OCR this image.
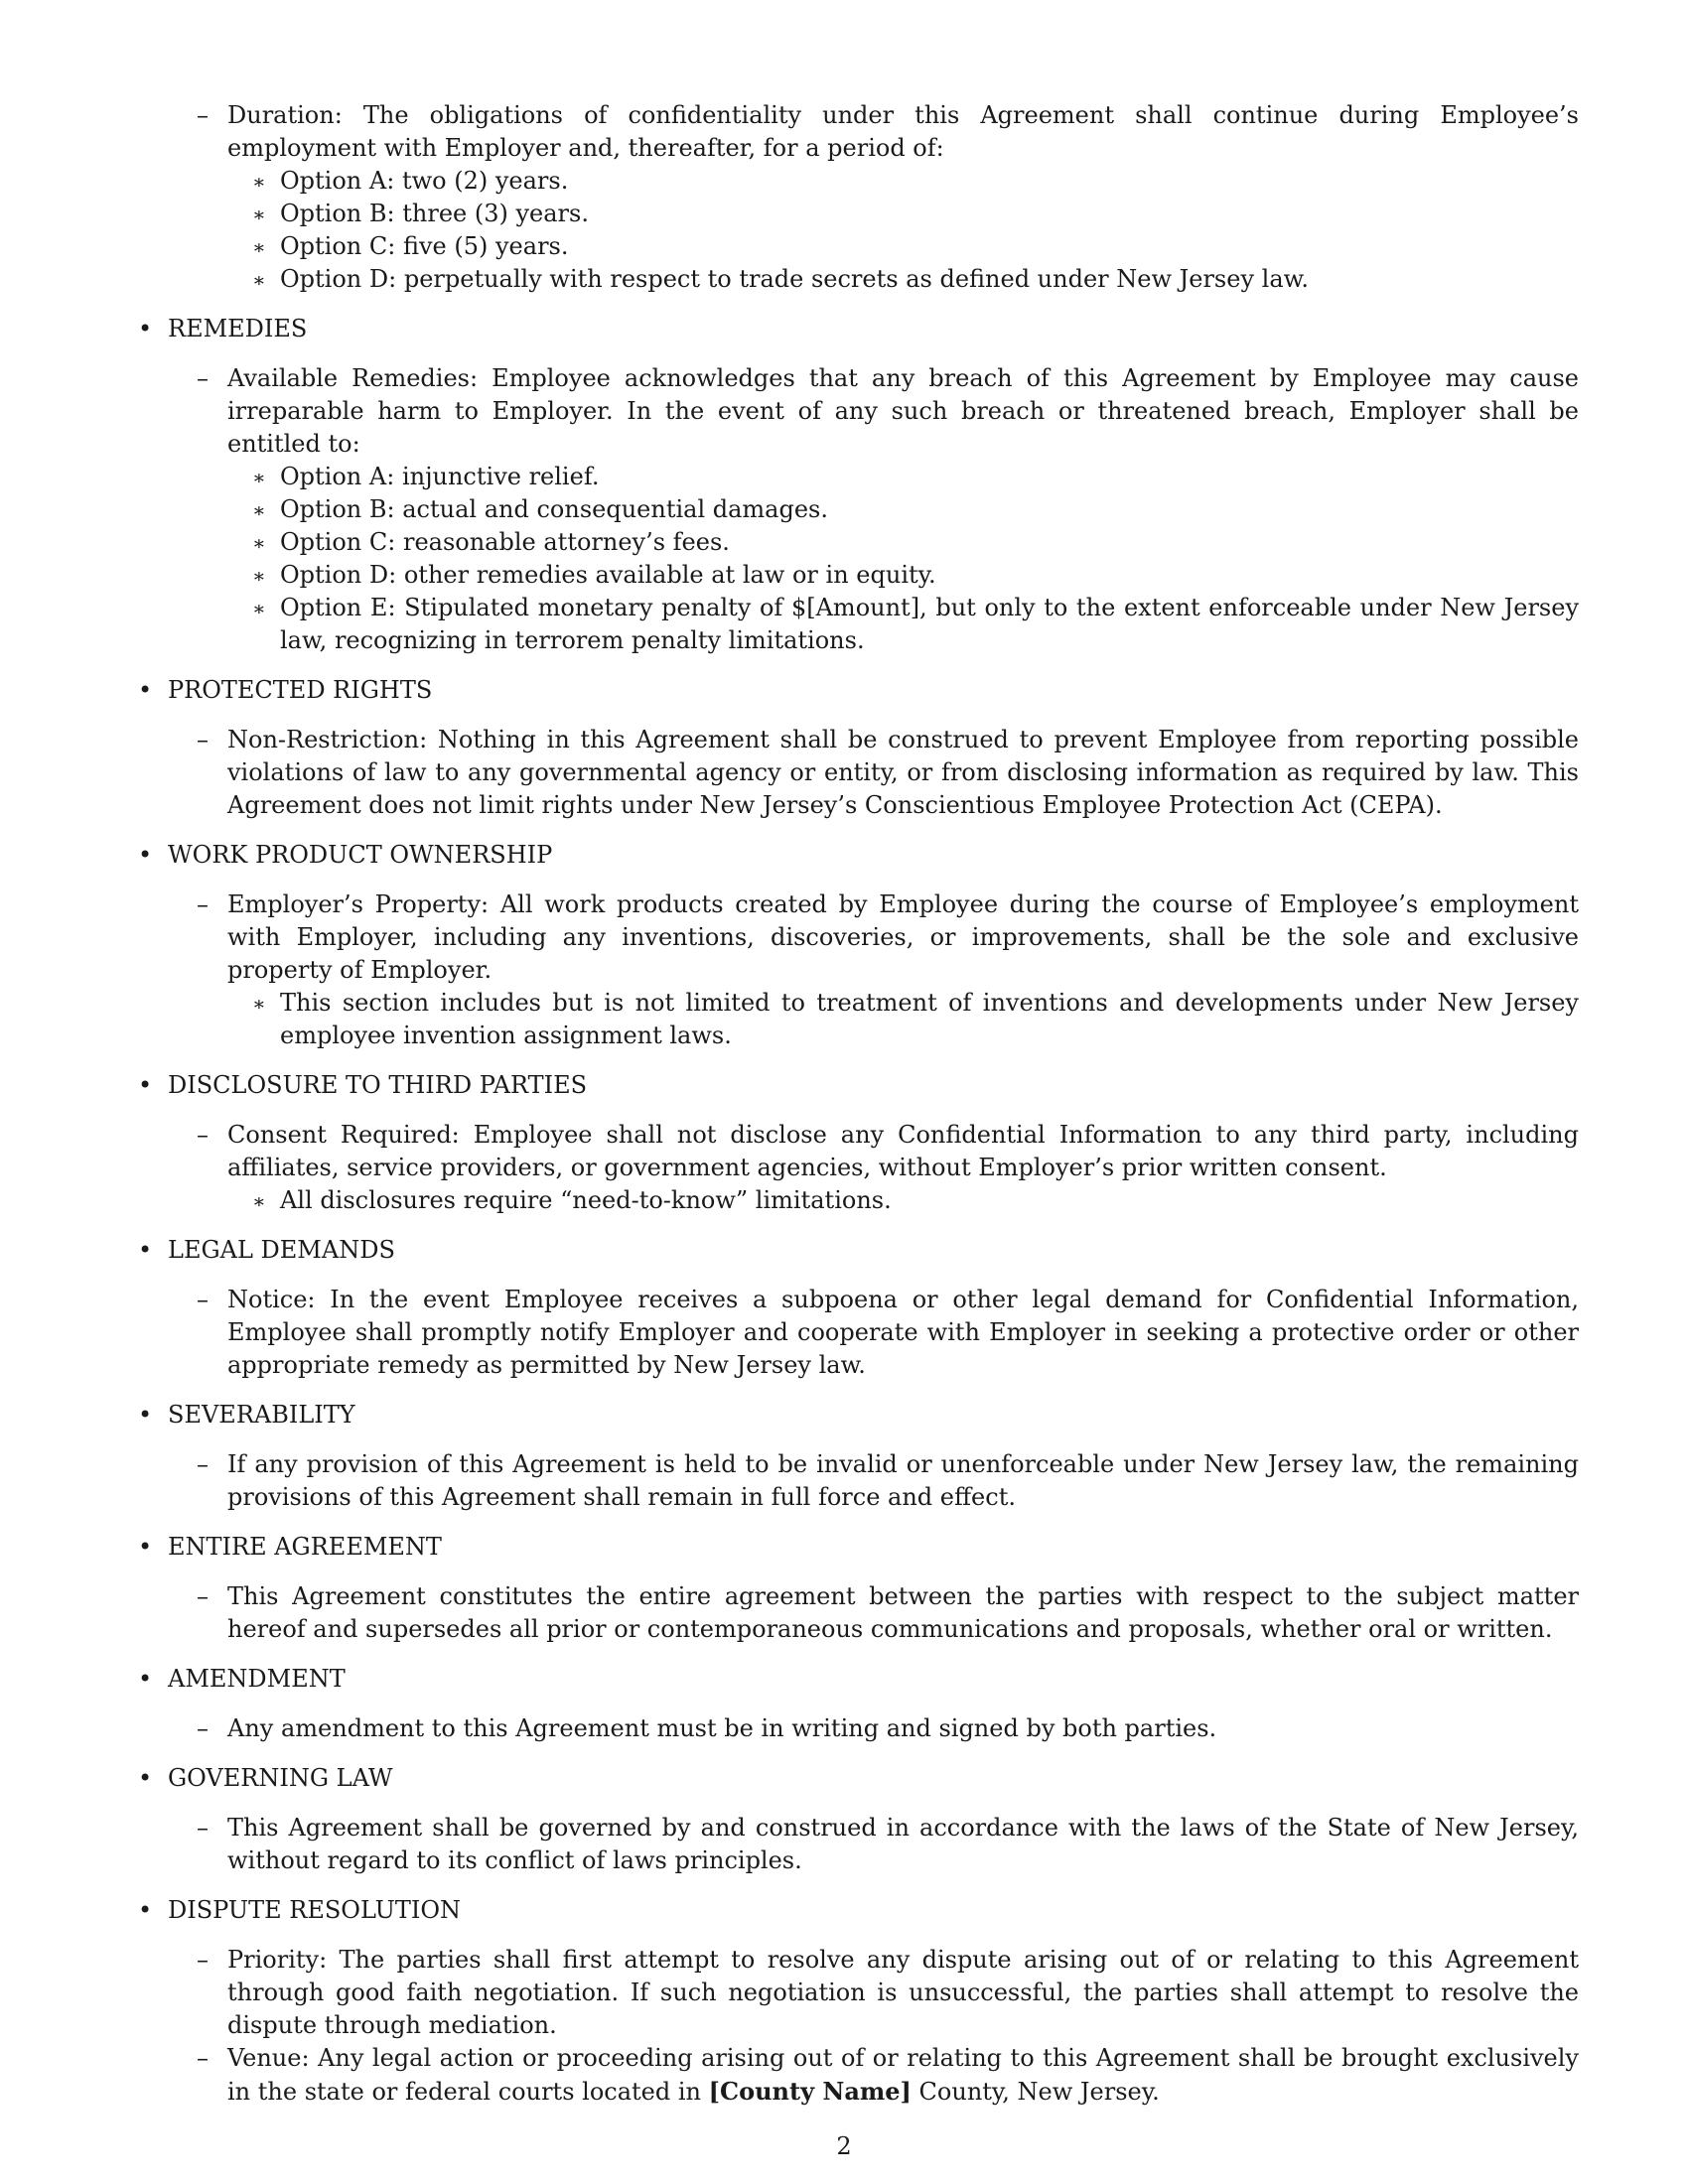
– Duration: The obligations of confidentiality under this Agreement shall continue during Employee’s employment with Employer and, thereafter, for a period of:
∗ Option A: two (2) years.
∗ Option B: three (3) years.
∗ Option C: five (5) years.
∗ Option D: perpetually with respect to trade secrets as defined under New Jersey law.
• REMEDIES
– Available Remedies: Employee acknowledges that any breach of this Agreement by Employee may cause irreparable harm to Employer. In the event of any such breach or threatened breach, Employer shall be entitled to:
∗ Option A: injunctive relief.
∗ Option B: actual and consequential damages.
∗ Option C: reasonable attorney’s fees.
∗ Option D: other remedies available at law or in equity.
∗ Option E: Stipulated monetary penalty of $[Amount], but only to the extent enforceable under New Jersey law, recognizing in terrorem penalty limitations.
• PROTECTED RIGHTS
– Non-Restriction: Nothing in this Agreement shall be construed to prevent Employee from reporting possible violations of law to any governmental agency or entity, or from disclosing information as required by law. This Agreement does not limit rights under New Jersey’s Conscientious Employee Protection Act (CEPA).
• WORK PRODUCT OWNERSHIP
– Employer’s Property: All work products created by Employee during the course of Employee’s employment with Employer, including any inventions, discoveries, or improvements, shall be the sole and exclusive property of Employer.
∗ This section includes but is not limited to treatment of inventions and developments under New Jersey employee invention assignment laws.
• DISCLOSURE TO THIRD PARTIES
– Consent Required: Employee shall not disclose any Confidential Information to any third party, including affiliates, service providers, or government agencies, without Employer’s prior written consent.
∗ All disclosures require “need-to-know” limitations.
• LEGAL DEMANDS
– Notice: In the event Employee receives a subpoena or other legal demand for Confidential Information, Employee shall promptly notify Employer and cooperate with Employer in seeking a protective order or other appropriate remedy as permitted by New Jersey law.
• SEVERABILITY
– If any provision of this Agreement is held to be invalid or unenforceable under New Jersey law, the remaining provisions of this Agreement shall remain in full force and effect.
• ENTIRE AGREEMENT
– This Agreement constitutes the entire agreement between the parties with respect to the subject matter hereof and supersedes all prior or contemporaneous communications and proposals, whether oral or written.
• AMENDMENT
– Any amendment to this Agreement must be in writing and signed by both parties.
• GOVERNING LAW
– This Agreement shall be governed by and construed in accordance with the laws of the State of New Jersey, without regard to its conflict of laws principles.
• DISPUTE RESOLUTION
– Priority: The parties shall first attempt to resolve any dispute arising out of or relating to this Agreement through good faith negotiation. If such negotiation is unsuccessful, the parties shall attempt to resolve the dispute through mediation.
– Venue: Any legal action or proceeding arising out of or relating to this Agreement shall be brought exclusively in the state or federal courts located in [County Name] County, New Jersey.
2
